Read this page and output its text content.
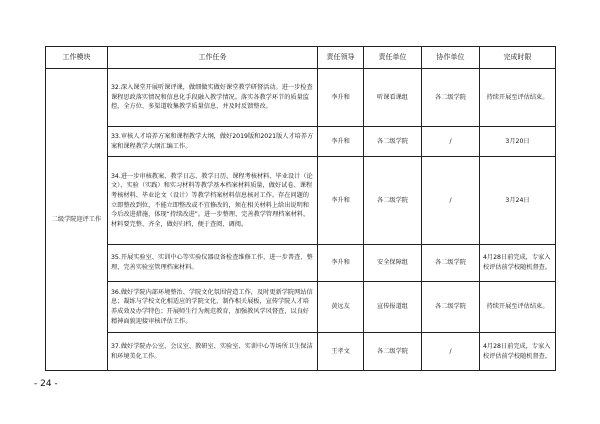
工作模块	工作任务	责任领导	责任单位	协作单位	完成时限
二级学院迎评工作	32.深入课堂开展听课评课，做细做实做好课堂教学研督活动。进一步检查课程思政落实情况和信息化手段融入教学情况。落实各教学环节的质量监控，全方位、多渠道收集教学质量信息，并及时反馈整改。	李升和	听课看课组	各二级学院	持续开展至评估结束。
	33.审核人才培养方案和课程教学大纲，做好2019版和2021版人才培养方案和课程教学大纲汇编工作。	李升和	各二级学院	/	3月20日
	34.进一步审核教案、教学日志、教学日历、课程考核材料、毕业设计（论文）、实验（实践）和实习材料等教学基本档案材料质量，做好试卷、课程考核材料、毕业论文（设计）等教学档案材料信息核对工作。存在问题的立即整改到位，不能立即整改或不宜修改的，须在相关材料上给出说明和今后改进措施，体现“持续改进”。进一步整理、完善教学管理档案材料，材料要完整、齐全，做好归档，便于查阅、调阅。	李升和	各二级学院	/	3月24日
	35.开展实验室、实训中心等实验仪器设备检查维修工作，进一步普查、整理、完善实验室管理档案材料。	李升和	安全保障组	各二级学院	4月28日前完成，专家入校评估前学校随机督查。
	36.做好学院内部环境整治、学院文化氛围营造工作，及时更新学院网站信息；凝练与学校文化相适应的学院文化，制作相关展板，宣传学院人才培养成效及办学特色；开展师生行为规范教育，加强教风学风督查，以良好精神面貌迎接审核评估工作。	黄远友	宣传报道组	各二级学院	持续开展至评估结束。
	37.做好学院办公室、会议室、教研室、实验室、实训中心等场所卫生保洁和环境美化工作。	王孝文	各二级学院	/	4月28日前完成，专家入校评估前学校随机督查。
- 24 -
